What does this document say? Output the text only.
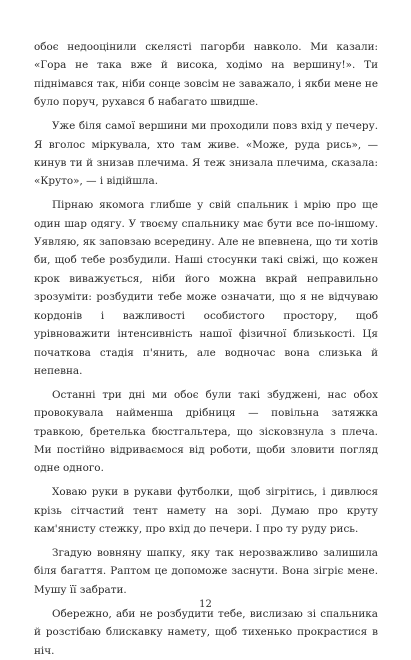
обоє недооцінили скелясті пагорби навколо. Ми казали: «Гора не така вже й висока, ходімо на вершину!». Ти піднімався так, ніби сонце зовсім не заважало, і якби мене не було поруч, рухався б набагато швидше.

Уже біля самої вершини ми проходили повз вхід у печеру. Я вголос міркувала, хто там живе. «Може, руда рись», — кинув ти й знизав плечима. Я теж знизала плечима, сказала: «Круто», — і відійшла.

Пірнаю якомога глибше у свій спальник і мрію про ще один шар одягу. У твоєму спальнику має бути все по-іншому. Уявляю, як заповзаю всередину. Але не впевнена, що ти хотів би, щоб тебе розбудили. Наші стосунки такі свіжі, що кожен крок виважується, ніби його можна вкрай неправильно зрозуміти: розбудити тебе може означати, що я не відчуваю кордонів і важливості особистого простору, щоб урівноважити інтенсивність нашої фізичної близькості. Ця початкова стадія п'янить, але водночас вона слизька й непевна.

Останні три дні ми обоє були такі збуджені, нас обох провокувала найменша дрібниця — повільна затяжка травкою, бретелька бюстгальтера, що зісковзнула з плеча. Ми постійно відриваємося від роботи, щоби зловити погляд одне одного.

Ховаю руки в рукави футболки, щоб зігрітись, і дивлюся крізь сітчастий тент намету на зорі. Думаю про круту кам'янисту стежку, про вхід до печери. І про ту руду рись.

Згадую вовняну шапку, яку так нерозважливо залишила біля багаття. Раптом це допоможе заснути. Вона зігріє мене. Мушу її забрати.

Обережно, аби не розбудити тебе, вислизаю зі спальника й розстібаю блискавку намету, щоб тихенько прокрастися в ніч.

12
